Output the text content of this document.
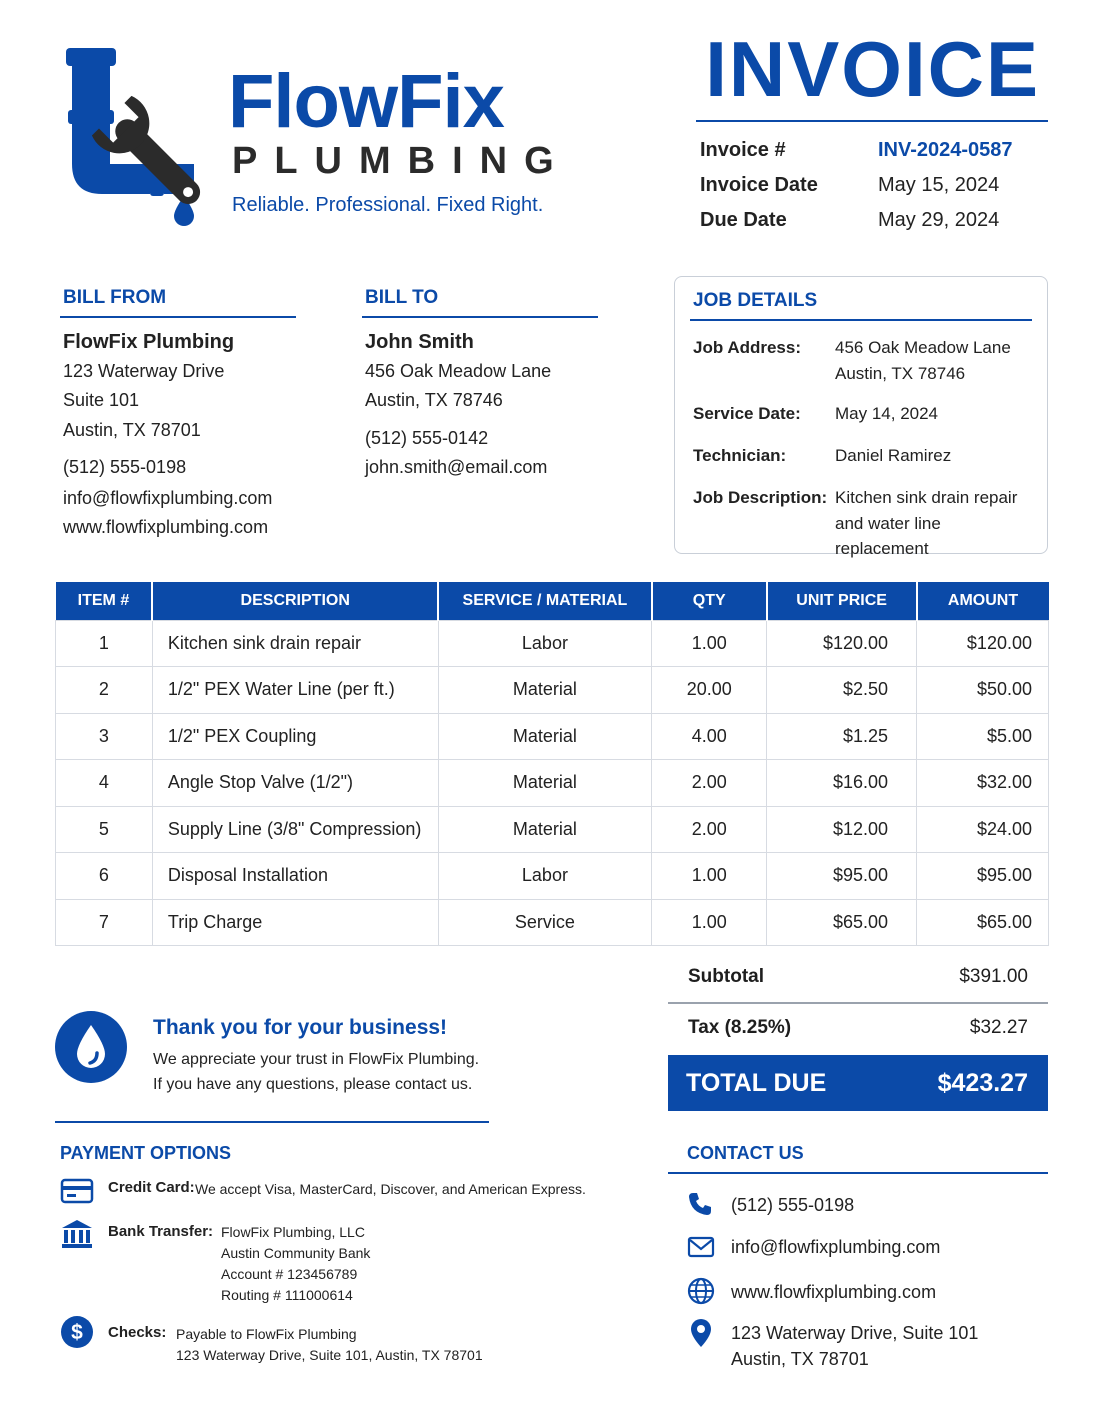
FlowFix
PLUMBING
Reliable. Professional. Fixed Right.
INVOICE
Invoice #	INV-2024-0587
Invoice Date	May 15, 2024
Due Date	May 29, 2024
BILL FROM
FlowFix Plumbing
123 Waterway Drive
Suite 101
Austin, TX 78701
(512) 555-0198
info@flowfixplumbing.com
www.flowfixplumbing.com
BILL TO
John Smith
456 Oak Meadow Lane
Austin, TX 78746
(512) 555-0142
john.smith@email.com
JOB DETAILS
Job Address:	456 Oak Meadow Lane
Austin, TX 78746
Service Date:	May 14, 2024
Technician:	Daniel Ramirez
Job Description: Kitchen sink drain repair
and water line replacement
ITEM #	DESCRIPTION	SERVICE / MATERIAL	QTY	UNIT PRICE	AMOUNT
1	Kitchen sink drain repair	Labor	1.00	$120.00	$120.00
2	1/2" PEX Water Line (per ft.)	Material	20.00	$2.50	$50.00
3	1/2" PEX Coupling	Material	4.00	$1.25	$5.00
4	Angle Stop Valve (1/2")	Material	2.00	$16.00	$32.00
5	Supply Line (3/8" Compression)	Material	2.00	$12.00	$24.00
6	Disposal Installation	Labor	1.00	$95.00	$95.00
7	Trip Charge	Service	1.00	$65.00	$65.00
Subtotal	$391.00
Tax (8.25%)	$32.27
TOTAL DUE	$423.27
Thank you for your business!
We appreciate your trust in FlowFix Plumbing.
If you have any questions, please contact us.
PAYMENT OPTIONS
Credit Card: We accept Visa, MasterCard, Discover, and American Express.
Bank Transfer: FlowFix Plumbing, LLC
Austin Community Bank
Account # 123456789
Routing # 111000614
$ Checks: Payable to FlowFix Plumbing
123 Waterway Drive, Suite 101, Austin, TX 78701
CONTACT US
(512) 555-0198
info@flowfixplumbing.com
www.flowfixplumbing.com
123 Waterway Drive, Suite 101
Austin, TX 78701
